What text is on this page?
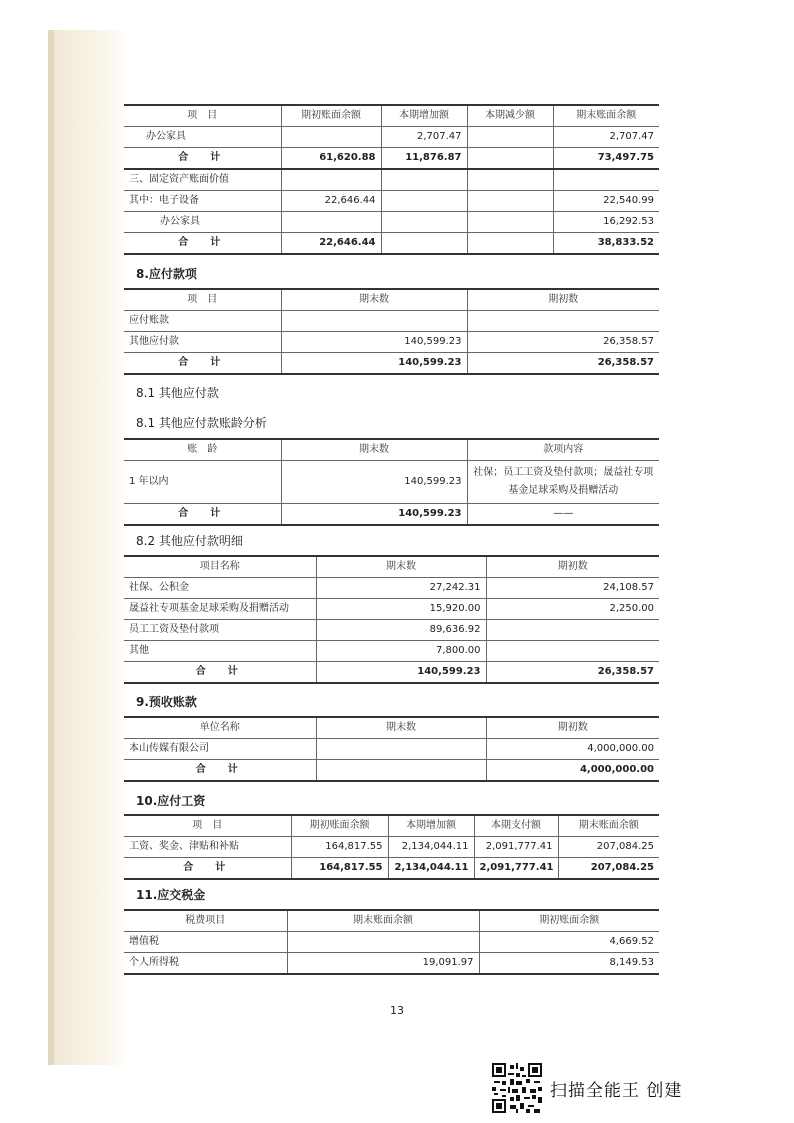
项　目	期初账面余额	本期增加额	本期减少额	期末账面余额
办公家具		2,707.47		2,707.47
合　计	61,620.88	11,876.87		73,497.75
三、固定资产账面价值				
其中：电子设备	22,646.44			22,540.99
办公家具				16,292.53
合　计	22,646.44			38,833.52
8.应付款项
项　目	期末数	期初数
应付账款		
其他应付款	140,599.23	26,358.57
合　计	140,599.23	26,358.57
8.1 其他应付款
8.1 其他应付款账龄分析
账　龄	期末数	款项内容
1 年以内	140,599.23	社保；员工工资及垫付款项；晟益社专项基金足球采购及捐赠活动
合　计	140,599.23	——
8.2 其他应付款明细
项目名称	期末数	期初数
社保、公积金	27,242.31	24,108.57
晟益社专项基金足球采购及捐赠活动	15,920.00	2,250.00
员工工资及垫付款项	89,636.92	
其他	7,800.00	
合　计	140,599.23	26,358.57
9.预收账款
单位名称	期末数	期初数
本山传媒有限公司		4,000,000.00
合　计		4,000,000.00
10.应付工资
项　目	期初账面余额	本期增加额	本期支付额	期末账面余额
工资、奖金、津贴和补贴	164,817.55	2,134,044.11	2,091,777.41	207,084.25
合　计	164,817.55	2,134,044.11	2,091,777.41	207,084.25
11.应交税金
税费项目	期末账面余额	期初账面余额
增值税		4,669.52
个人所得税	19,091.97	8,149.53
13
扫描全能王 创建
